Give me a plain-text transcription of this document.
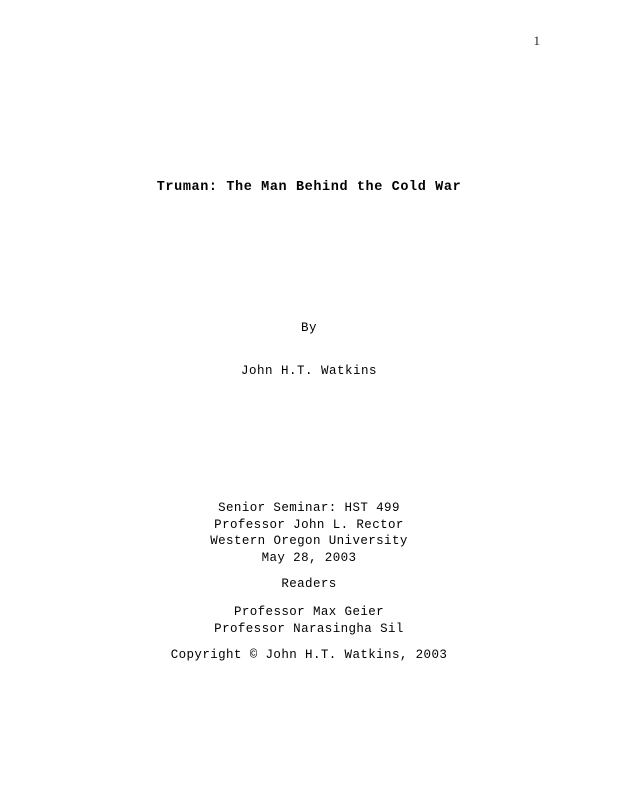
1
Truman: The Man Behind the Cold War
By
John H.T. Watkins
Senior Seminar: HST 499
Professor John L. Rector
Western Oregon University
May 28, 2003
Readers
Professor Max Geier
Professor Narasingha Sil
Copyright © John H.T. Watkins, 2003
